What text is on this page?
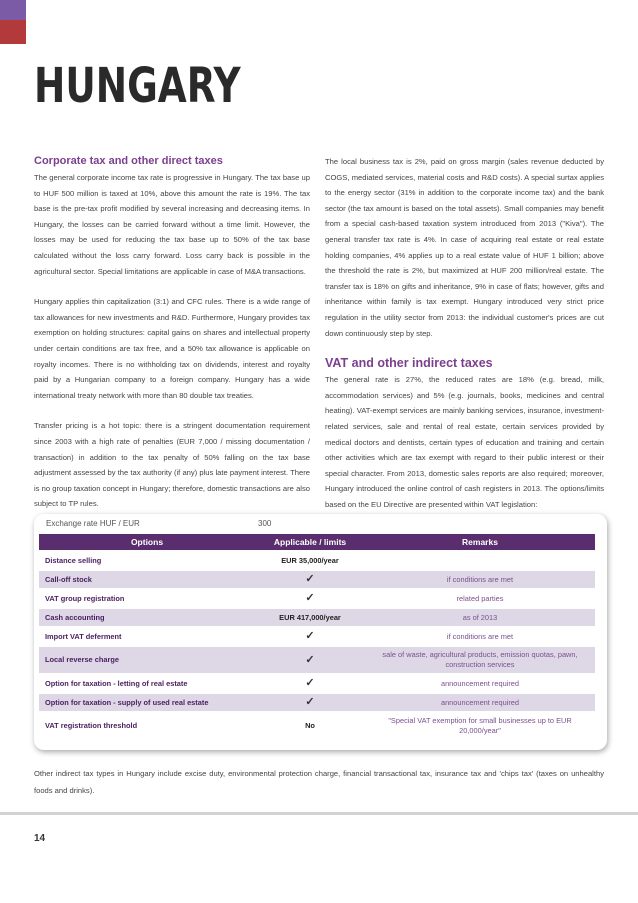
HUNGARY
Corporate tax and other direct taxes

The general corporate income tax rate is progressive in Hungary. The tax base up to HUF 500 million is taxed at 10%, above this amount the rate is 19%. The tax base is the pre-tax profit modified by several increasing and decreasing items. In Hungary, the losses can be carried forward without a time limit. However, the losses may be used for reducing the tax base up to 50% of the tax base calculated without the loss carry forward. Loss carry back is possible in the agricultural sector. Special limitations are applicable in case of M&A transactions.

Hungary applies thin capitalization (3:1) and CFC rules. There is a wide range of tax allowances for new investments and R&D. Furthermore, Hungary provides tax exemption on holding structures: capital gains on shares and intellectual property under certain conditions are tax free, and a 50% tax allowance is applicable on royalty incomes. There is no withholding tax on dividends, interest and royalty paid by a Hungarian company to a foreign company. Hungary has a wide international treaty network with more than 80 double tax treaties.

Transfer pricing is a hot topic: there is a stringent documentation requirement since 2003 with a high rate of penalties (EUR 7,000 / missing documentation / transaction) in addition to the tax penalty of 50% falling on the tax base adjustment assessed by the tax authority (if any) plus late payment interest. There is no group taxation concept in Hungary; therefore, domestic transactions are also subject to TP rules.

The local business tax is 2%, paid on gross margin (sales revenue deducted by COGS, mediated services, material costs and R&D costs). A special surtax applies to the energy sector (31% in addition to the corporate income tax) and the bank sector (the tax amount is based on the total assets). Small companies may benefit from a special cash-based taxation system introduced from 2013 ("Kiva"). The general transfer tax rate is 4%. In case of acquiring real estate or real estate holding companies, 4% applies up to a real estate value of HUF 1 billion; above the threshold the rate is 2%, but maximized at HUF 200 million/real estate. The transfer tax is 18% on gifts and inheritance, 9% in case of flats; however, gifts and inheritance within family is tax exempt. Hungary introduced very strict price regulation in the utility sector from 2013: the individual customer's prices are cut down continuously step by step.

VAT and other indirect taxes

The general rate is 27%, the reduced rates are 18% (e.g. bread, milk, accommodation services) and 5% (e.g. journals, books, medicines and central heating). VAT-exempt services are mainly banking services, insurance, investment-related services, sale and rental of real estate, certain services provided by medical doctors and dentists, certain types of education and training and certain other activities which are tax exempt with regard to their public interest or their special character. From 2013, domestic sales reports are also required; moreover, Hungary introduced the online control of cash registers in 2013. The options/limits based on the EU Directive are presented within VAT legislation:

Exchange rate HUF / EUR	300
Options	Applicable / limits	Remarks
Distance selling	EUR 35,000/year	
Call-off stock	✓	if conditions are met
VAT group registration	✓	related parties
Cash accounting	EUR 417,000/year	as of 2013
Import VAT deferment	✓	if conditions are met
Local reverse charge	✓	sale of waste, agricultural products, emission quotas, pawn, construction services
Option for taxation - letting of real estate	✓	announcement required
Option for taxation - supply of used real estate	✓	announcement required
VAT registration threshold	No	"Special VAT exemption for small businesses up to EUR 20,000/year"

Other indirect tax types in Hungary include excise duty, environmental protection charge, financial transactional tax, insurance tax and 'chips tax' (taxes on unhealthy foods and drinks).

14
